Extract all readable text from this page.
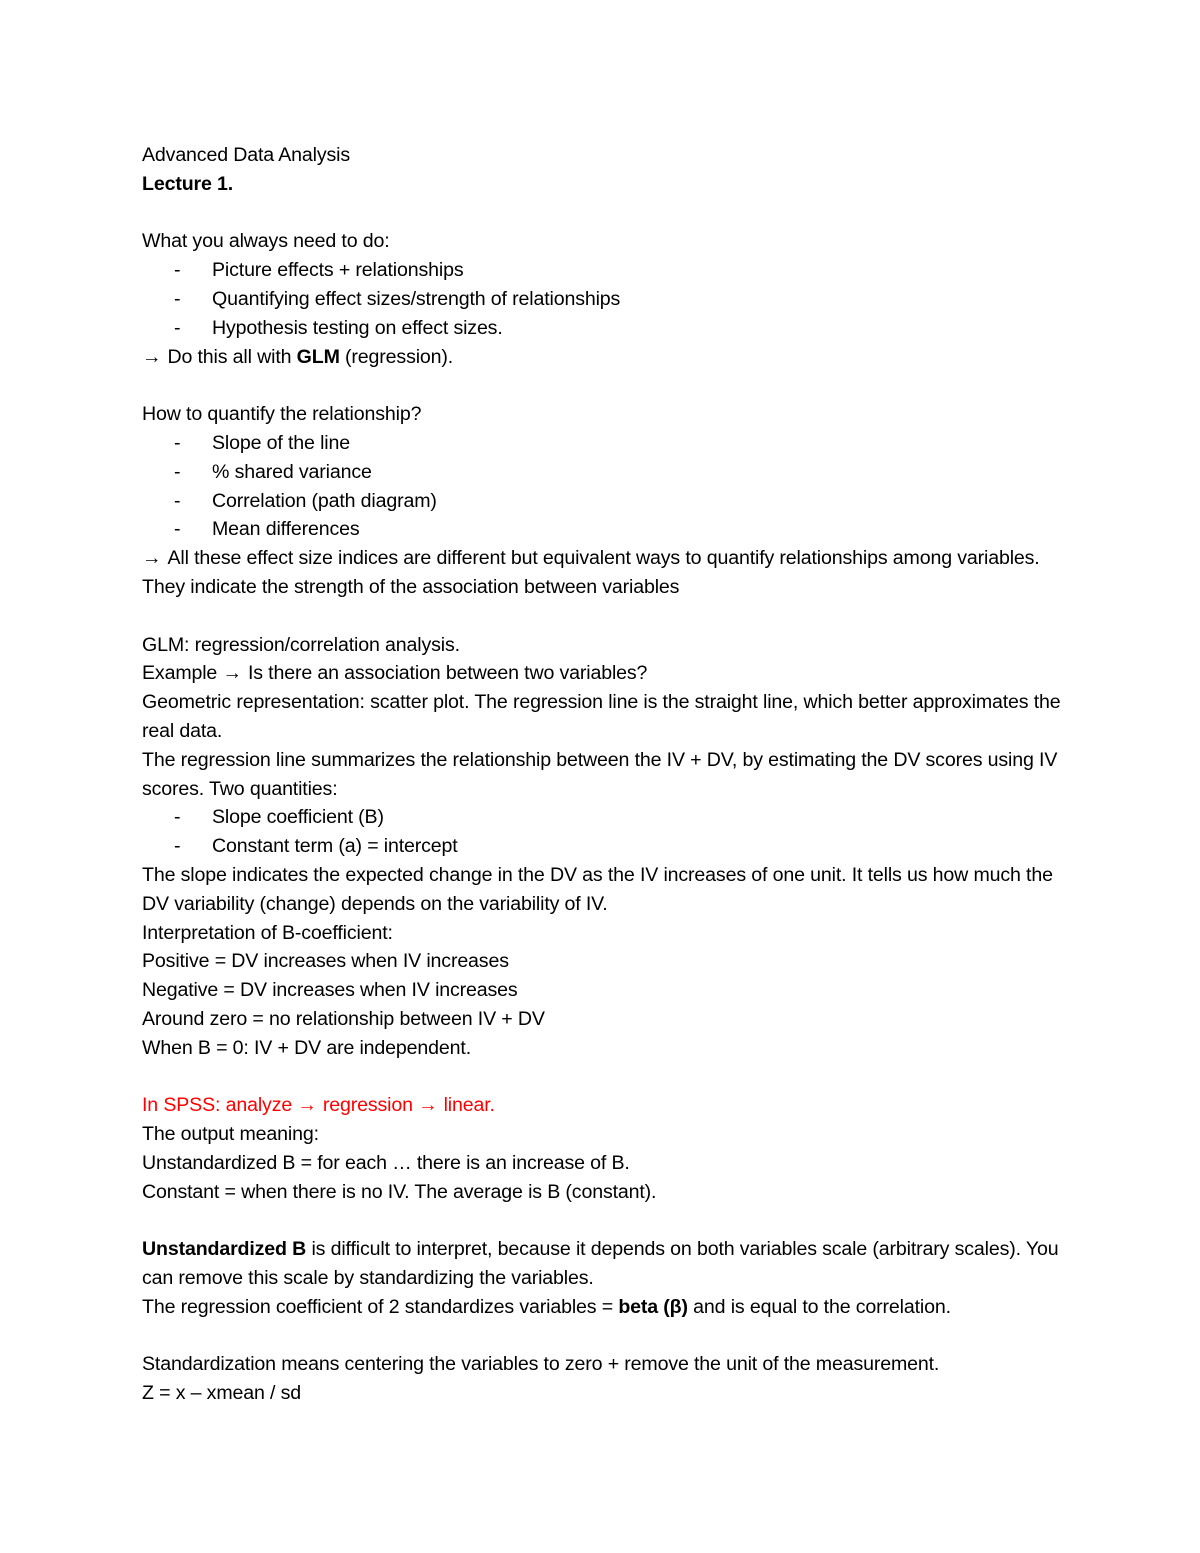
Advanced Data Analysis

Lecture 1.

What you always need to do:

-	Picture effects + relationships
-	Quantifying effect sizes/strength of relationships
-	Hypothesis testing on effect sizes.

→ Do this all with GLM (regression).

How to quantify the relationship?

-	Slope of the line
-	% shared variance
-	Correlation (path diagram)
-	Mean differences

→ All these effect size indices are different but equivalent ways to quantify relationships among variables. They indicate the strength of the association between variables

GLM: regression/correlation analysis.

Example → Is there an association between two variables?

Geometric representation: scatter plot. The regression line is the straight line, which better approximates the real data.

The regression line summarizes the relationship between the IV + DV, by estimating the DV scores using IV scores. Two quantities:

-	Slope coefficient (B)
-	Constant term (a) = intercept

The slope indicates the expected change in the DV as the IV increases of one unit. It tells us how much the DV variability (change) depends on the variability of IV.

Interpretation of B-coefficient:

Positive = DV increases when IV increases

Negative = DV increases when IV increases

Around zero = no relationship between IV + DV

When B = 0: IV + DV are independent.

In SPSS: analyze → regression → linear.

The output meaning:

Unstandardized B = for each … there is an increase of B.

Constant = when there is no IV. The average is B (constant).

Unstandardized B is difficult to interpret, because it depends on both variables scale (arbitrary scales). You can remove this scale by standardizing the variables.

The regression coefficient of 2 standardizes variables = beta (β) and is equal to the correlation.

Standardization means centering the variables to zero + remove the unit of the measurement.

Z = x – xmean / sd
